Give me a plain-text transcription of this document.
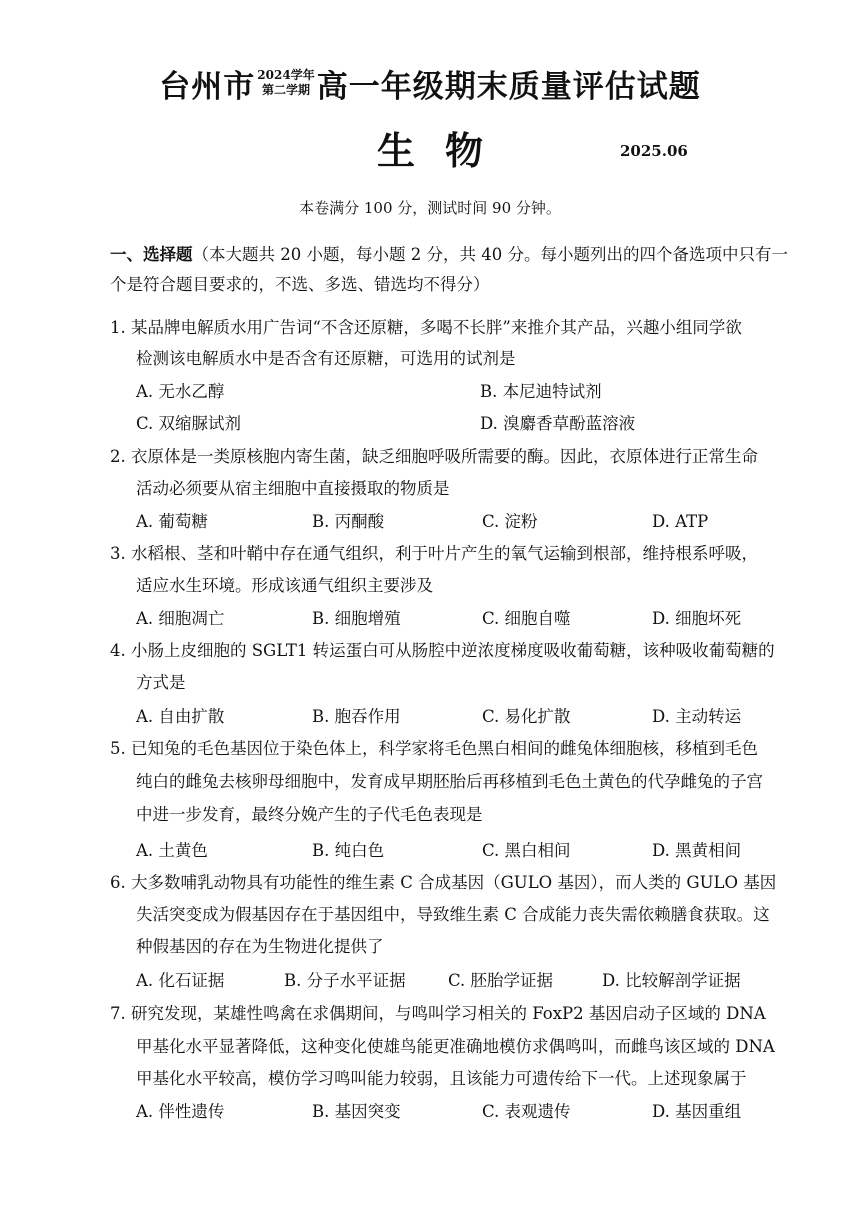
台州市 2024学年
第二学期 高一年级期末质量评估试题
生物	2025.06
本卷满分 100 分，测试时间 90 分钟。
一、选择题（本大题共 20 小题，每小题 2 分，共 40 分。每小题列出的四个备选项中只有一
个是符合题目要求的，不选、多选、错选均不得分）
1. 某品牌电解质水用广告词“不含还原糖，多喝不长胖”来推介其产品，兴趣小组同学欲
检测该电解质水中是否含有还原糖，可选用的试剂是
A. 无水乙醇	B. 本尼迪特试剂
C. 双缩脲试剂	D. 溴麝香草酚蓝溶液
2. 衣原体是一类原核胞内寄生菌，缺乏细胞呼吸所需要的酶。因此，衣原体进行正常生命
活动必须要从宿主细胞中直接摄取的物质是
A. 葡萄糖	B. 丙酮酸	C. 淀粉	D. ATP
3. 水稻根、茎和叶鞘中存在通气组织，利于叶片产生的氧气运输到根部，维持根系呼吸，
适应水生环境。形成该通气组织主要涉及
A. 细胞凋亡	B. 细胞增殖	C. 细胞自噬	D. 细胞坏死
4. 小肠上皮细胞的 SGLT1 转运蛋白可从肠腔中逆浓度梯度吸收葡萄糖，该种吸收葡萄糖的
方式是
A. 自由扩散	B. 胞吞作用	C. 易化扩散	D. 主动转运
5. 已知兔的毛色基因位于染色体上，科学家将毛色黑白相间的雌兔体细胞核，移植到毛色
纯白的雌兔去核卵母细胞中，发育成早期胚胎后再移植到毛色土黄色的代孕雌兔的子宫
中进一步发育，最终分娩产生的子代毛色表现是
A. 土黄色	B. 纯白色	C. 黑白相间	D. 黑黄相间
6. 大多数哺乳动物具有功能性的维生素 C 合成基因（GULO 基因），而人类的 GULO 基因
失活突变成为假基因存在于基因组中，导致维生素 C 合成能力丧失需依赖膳食获取。这
种假基因的存在为生物进化提供了
A. 化石证据	B. 分子水平证据	C. 胚胎学证据	D. 比较解剖学证据
7. 研究发现，某雄性鸣禽在求偶期间，与鸣叫学习相关的 FoxP2 基因启动子区域的 DNA
甲基化水平显著降低，这种变化使雄鸟能更准确地模仿求偶鸣叫，而雌鸟该区域的 DNA
甲基化水平较高，模仿学习鸣叫能力较弱，且该能力可遗传给下一代。上述现象属于
A. 伴性遗传	B. 基因突变	C. 表观遗传	D. 基因重组
